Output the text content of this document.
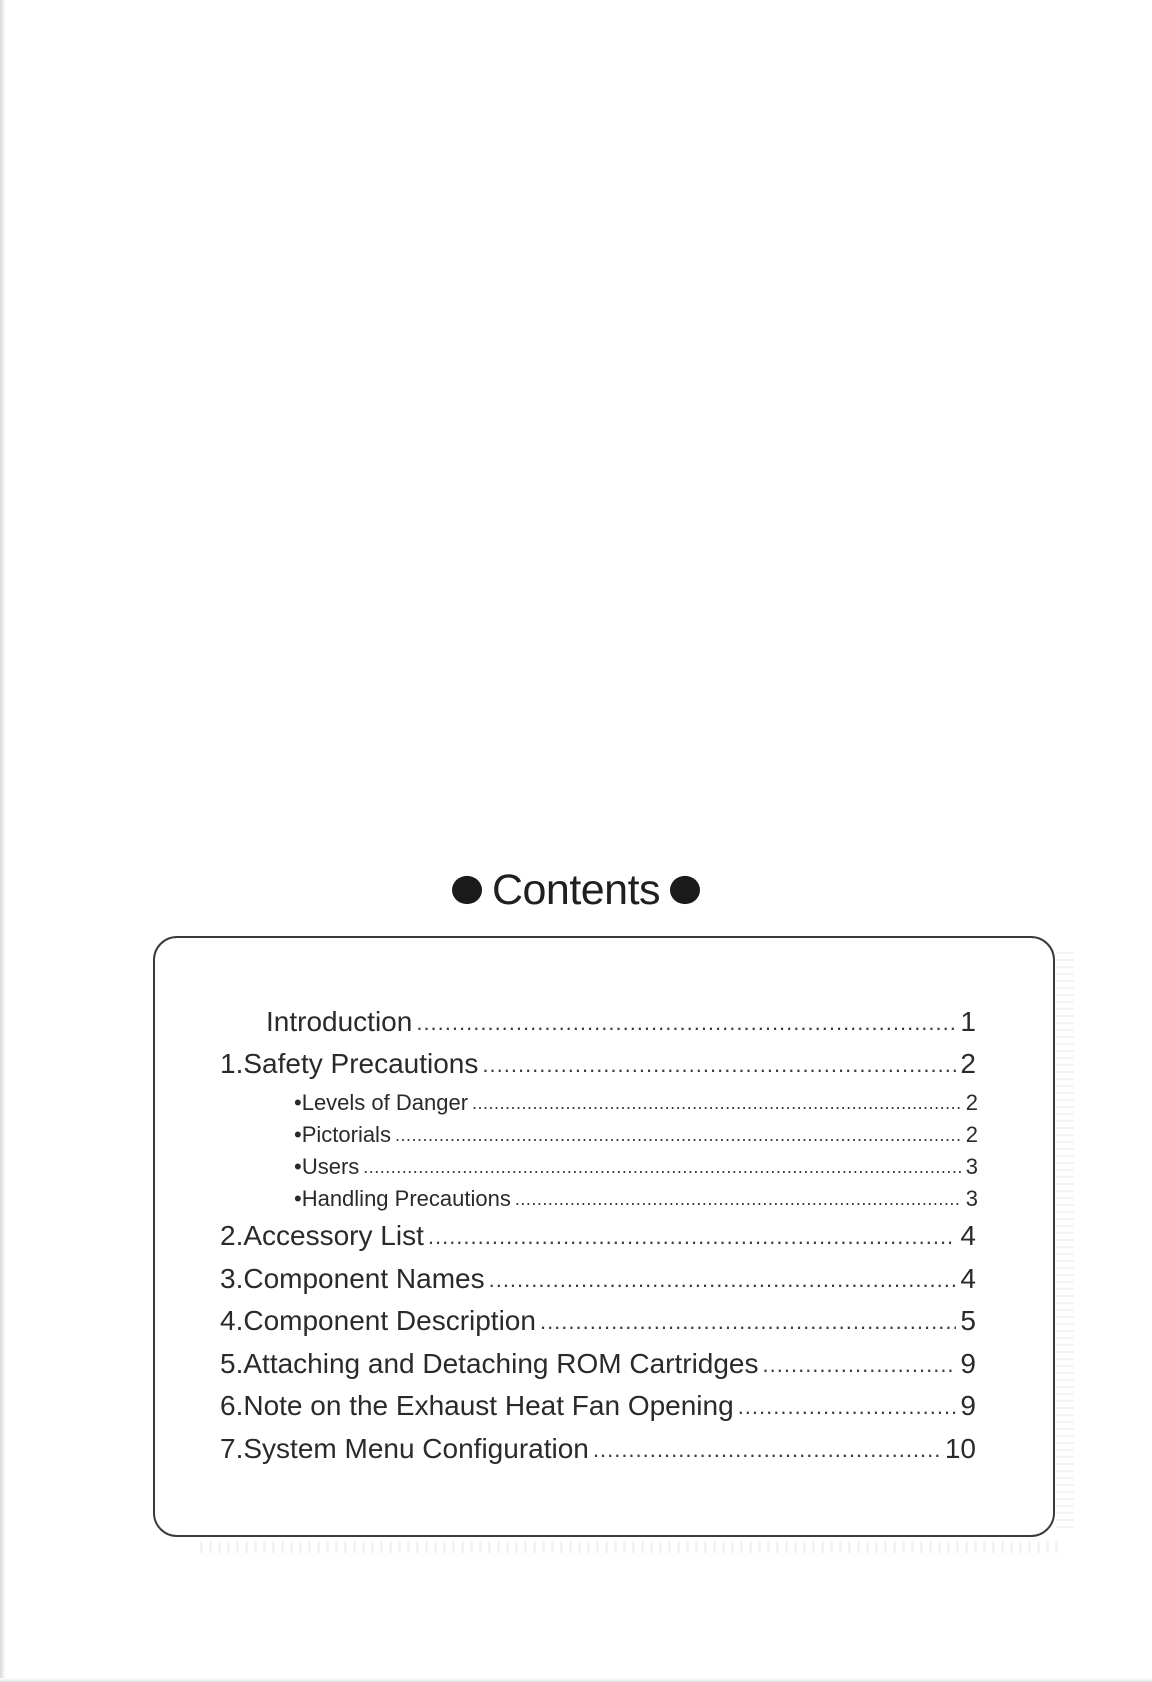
Contents
Introduction .....	1
1. Safety Precautions .....	2
• Levels of Danger .....	2
• Pictorials .....	2
• Users .....	3
• Handling Precautions .....	3
2. Accessory List .....	4
3. Component Names .....	4
4. Component Description .....	5
5. Attaching and Detaching ROM Cartridges .....	9
6. Note on the Exhaust Heat Fan Opening .....	9
7. System Menu Configuration .....	10
